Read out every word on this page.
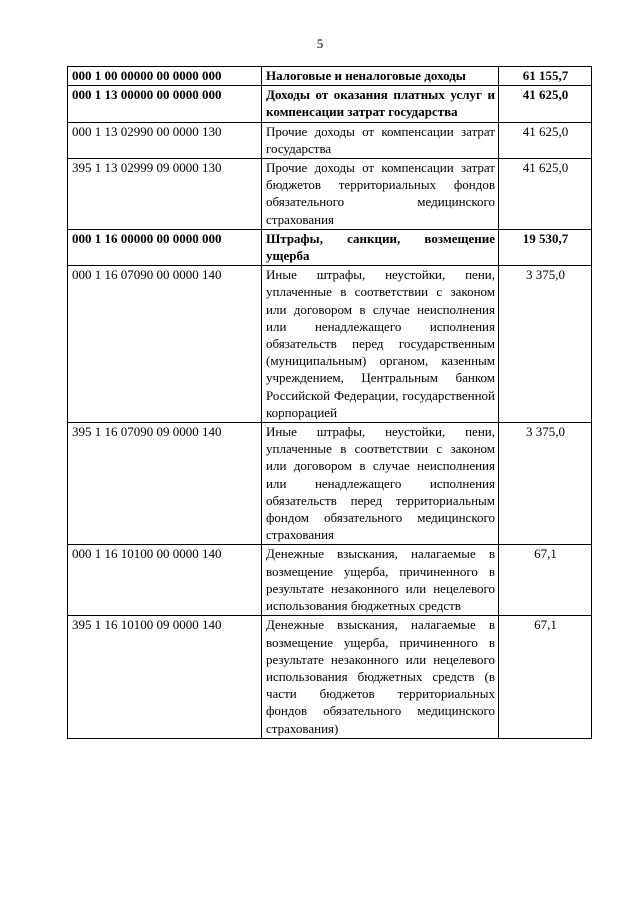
5
000 1 00 00000 00 0000 000	Налоговые и неналоговые доходы	61 155,7
000 1 13 00000 00 0000 000	Доходы от оказания платных услуг и компенсации затрат государства	41 625,0
000 1 13 02990 00 0000 130	Прочие доходы от компенсации затрат государства	41 625,0
395 1 13 02999 09 0000 130	Прочие доходы от компенсации затрат бюджетов территориальных фондов обязательного медицинского страхования	41 625,0
000 1 16 00000 00 0000 000	Штрафы, санкции, возмещение ущерба	19 530,7
000 1 16 07090 00 0000 140	Иные штрафы, неустойки, пени, уплаченные в соответствии с законом или договором в случае неисполнения или ненадлежащего исполнения обязательств перед государственным (муниципальным) органом, казенным учреждением, Центральным банком Российской Федерации, государственной корпорацией	3 375,0
395 1 16 07090 09 0000 140	Иные штрафы, неустойки, пени, уплаченные в соответствии с законом или договором в случае неисполнения или ненадлежащего исполнения обязательств перед территориальным фондом обязательного медицинского страхования	3 375,0
000 1 16 10100 00 0000 140	Денежные взыскания, налагаемые в возмещение ущерба, причиненного в результате незаконного или нецелевого использования бюджетных средств	67,1
395 1 16 10100 09 0000 140	Денежные взыскания, налагаемые в возмещение ущерба, причиненного в результате незаконного или нецелевого использования бюджетных средств (в части бюджетов территориальных фондов обязательного медицинского страхования)	67,1
